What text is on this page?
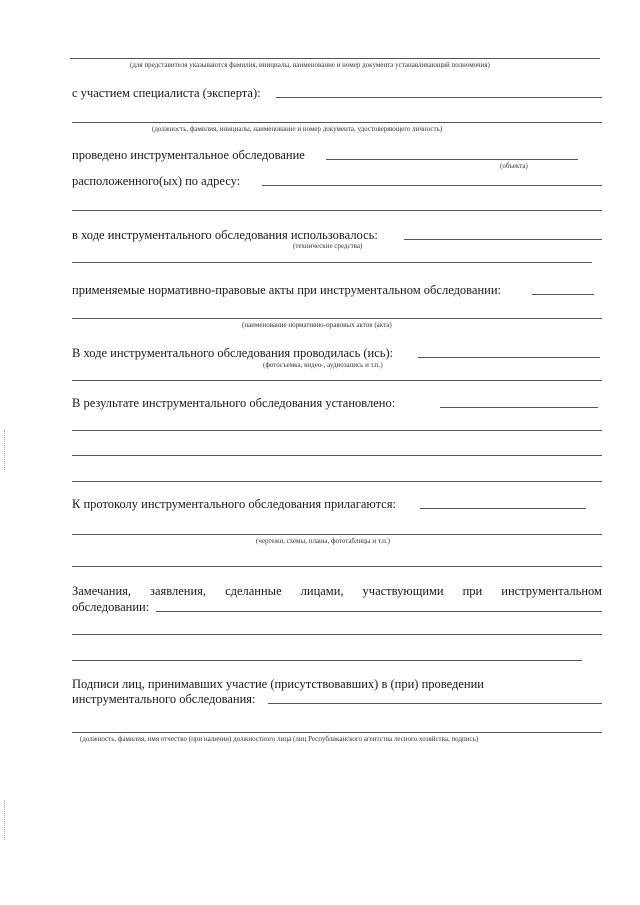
(для представителя указываются фамилия, инициалы, наименование и номер документа устанавливающий полномочия)
с участием специалиста (эксперта):
(должность, фамилия, инициалы, наименование и номер документа, удостоверяющего личность)
проведено инструментальное обследование
(объекта)
расположенного(ых) по адресу:
в ходе инструментального обследования использовалось:
(технические средства)
применяемые нормативно-правовые акты при инструментальном обследовании:
(наименование нормативно-правовых актов (акта)
В ходе инструментального обследования проводилась (ись):
(фотосъемка, видео-, аудиозапись и т.п.)
В результате инструментального обследования установлено:
К протоколу инструментального обследования прилагаются:
(чертежи, схемы, планы, фототаблицы и т.п.)
Замечания, заявления, сделанные лицами, участвующими при инструментальном
обследовании:
Подписи лиц, принимавших участие (присутствовавших) в (при) проведении
инструментального обследования:
(должность, фамилия, имя отчество (при наличии) должностного лица (лиц Республиканского агентства лесного хозяйства, подпись)
